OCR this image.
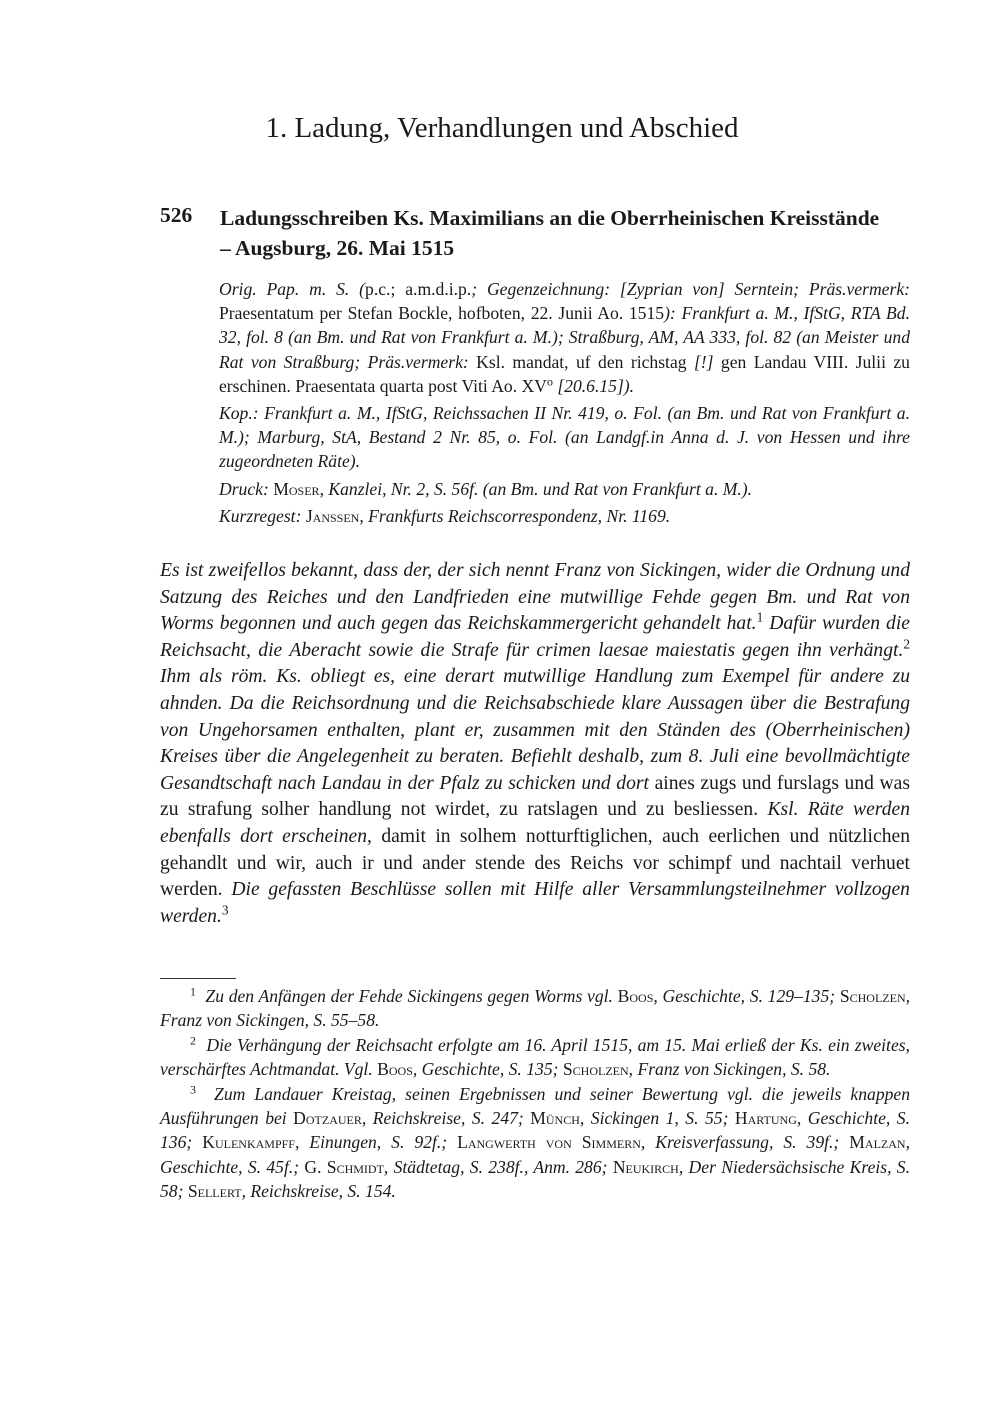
1. Ladung, Verhandlungen und Abschied
526 Ladungsschreiben Ks. Maximilians an die Oberrheinischen Kreisstände
– Augsburg, 26. Mai 1515

Orig. Pap. m. S. (p.c.; a.m.d.i.p.; Gegenzeichnung: [Zyprian von] Serntein; Präs.vermerk: Praesentatum per Stefan Bockle, hofboten, 22. Junii Ao. 1515): Frankfurt a. M., IfStG, RTA Bd. 32, fol. 8 (an Bm. und Rat von Frankfurt a. M.); Straßburg, AM, AA 333, fol. 82 (an Meister und Rat von Straßburg; Präs.vermerk: Ksl. mandat, uf den richstag [!] gen Landau VIII. Julii zu erschinen. Praesentata quarta post Viti Ao. $XV^o$ [20.6.15]).

Kop.: Frankfurt a. M., IfStG, Reichssachen II Nr. 419, o. Fol. (an Bm. und Rat von Frankfurt a. M.); Marburg, StA, Bestand 2 Nr. 85, o. Fol. (an Landgf.in Anna d. J. von Hessen und ihre zugeordneten Räte).

Druck: Moser, Kanzlei, Nr. 2, S. 56f. (an Bm. und Rat von Frankfurt a. M.).

Kurzregest: Janssen, Frankfurts Reichscorrespondenz, Nr. 1169.

Es ist zweifellos bekannt, dass der, der sich nennt Franz von Sickingen, wider die Ordnung und Satzung des Reiches und den Landfrieden eine mutwillige Fehde gegen Bm. und Rat von Worms begonnen und auch gegen das Reichskammergericht gehandelt hat.$^1$ Dafür wurden die Reichsacht, die Aberacht sowie die Strafe für crimen laesae maiestatis gegen ihn verhängt.$^2$ Ihm als röm. Ks. obliegt es, eine derart mutwillige Handlung zum Exempel für andere zu ahnden. Da die Reichsordnung und die Reichsabschiede klare Aussagen über die Bestrafung von Ungehorsamen enthalten, plant er, zusammen mit den Ständen des (Oberrheinischen) Kreises über die Angelegenheit zu beraten. Befiehlt deshalb, zum 8. Juli eine bevollmächtigte Gesandtschaft nach Landau in der Pfalz zu schicken und dort aines zugs und furslags und was zu strafung solher handlung not wirdet, zu ratslagen und zu besliessen. Ksl. Räte werden ebenfalls dort erscheinen, damit in solhem notturftiglichen, auch eerlichen und nützlichen gehandlt und wir, auch ir und ander stende des Reichs vor schimpf und nachtail verhuet werden. Die gefassten Beschlüsse sollen mit Hilfe aller Versammlungsteilnehmer vollzogen werden.$^3$

$^1$ Zu den Anfängen der Fehde Sickingens gegen Worms vgl. Boos, Geschichte, S. 129–135; Scholzen, Franz von Sickingen, S. 55–58.

$^2$ Die Verhängung der Reichsacht erfolgte am 16. April 1515, am 15. Mai erließ der Ks. ein zweites, verschärftes Achtmandat. Vgl. Boos, Geschichte, S. 135; Scholzen, Franz von Sickingen, S. 58.

$^3$ Zum Landauer Kreistag, seinen Ergebnissen und seiner Bewertung vgl. die jeweils knappen Ausführungen bei Dotzauer, Reichskreise, S. 247; Münch, Sickingen 1, S. 55; Hartung, Geschichte, S. 136; Kulenkampff, Einungen, S. 92f.; Langwerth von Simmern, Kreisverfassung, S. 39f.; Malzan, Geschichte, S. 45f.; G. Schmidt, Städtetag, S. 238f., Anm. 286; Neukirch, Der Niedersächsische Kreis, S. 58; Sellert, Reichskreise, S. 154.
